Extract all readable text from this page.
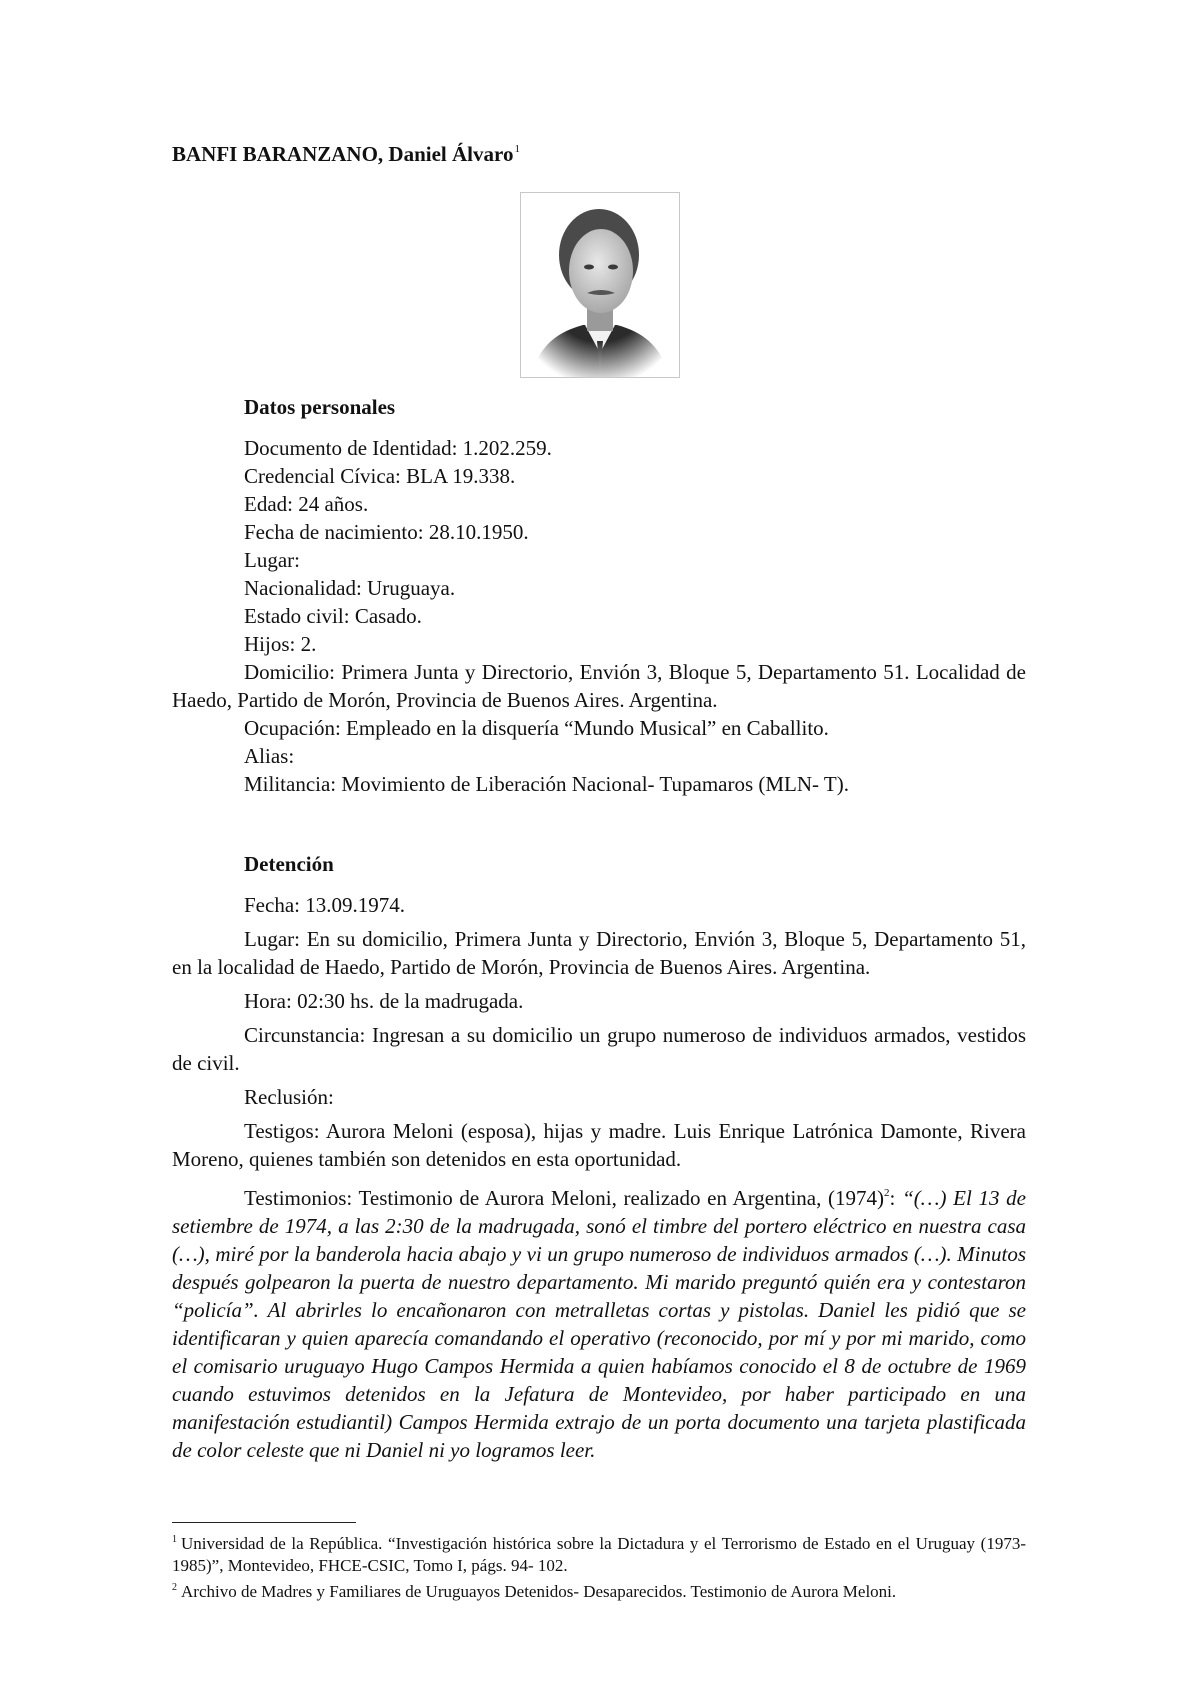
BANFI BARANZANO, Daniel Álvaro$^1$
Datos personales
Documento de Identidad: 1.202.259.
Credencial Cívica: BLA 19.338.
Edad: 24 años.
Fecha de nacimiento: 28.10.1950.
Lugar:
Nacionalidad: Uruguaya.
Estado civil: Casado.
Hijos: 2.

Domicilio: Primera Junta y Directorio, Envión 3, Bloque 5, Departamento 51. Localidad de Haedo, Partido de Morón, Provincia de Buenos Aires. Argentina.

Ocupación: Empleado en la disquería “Mundo Musical” en Caballito.
Alias:
Militancia: Movimiento de Liberación Nacional- Tupamaros (MLN- T).
Detención

Fecha: 13.09.1974.

Lugar: En su domicilio, Primera Junta y Directorio, Envión 3, Bloque 5, Departamento 51, en la localidad de Haedo, Partido de Morón, Provincia de Buenos Aires. Argentina.

Hora: 02:30 hs. de la madrugada.

Circunstancia: Ingresan a su domicilio un grupo numeroso de individuos armados, vestidos de civil.

Reclusión:

Testigos: Aurora Meloni (esposa), hijas y madre. Luis Enrique Latrónica Damonte, Rivera Moreno, quienes también son detenidos en esta oportunidad.

Testimonios: Testimonio de Aurora Meloni, realizado en Argentina, (1974)$^2$: “(…) El 13 de setiembre de 1974, a las 2:30 de la madrugada, sonó el timbre del portero eléctrico en nuestra casa (…), miré por la banderola hacia abajo y vi un grupo numeroso de individuos armados (…). Minutos después golpearon la puerta de nuestro departamento. Mi marido preguntó quién era y contestaron “policía”. Al abrirles lo encañonaron con metralletas cortas y pistolas. Daniel les pidió que se identificaran y quien aparecía comandando el operativo (reconocido, por mí y por mi marido, como el comisario uruguayo Hugo Campos Hermida a quien habíamos conocido el 8 de octubre de 1969 cuando estuvimos detenidos en la Jefatura de Montevideo, por haber participado en una manifestación estudiantil) Campos Hermida extrajo de un porta documento una tarjeta plastificada de color celeste que ni Daniel ni yo logramos leer.

$^1$ Universidad de la República. “Investigación histórica sobre la Dictadura y el Terrorismo de Estado en el Uruguay (1973-1985)”, Montevideo, FHCE-CSIC, Tomo I, págs. 94- 102.

$^2$ Archivo de Madres y Familiares de Uruguayos Detenidos- Desaparecidos. Testimonio de Aurora Meloni.
